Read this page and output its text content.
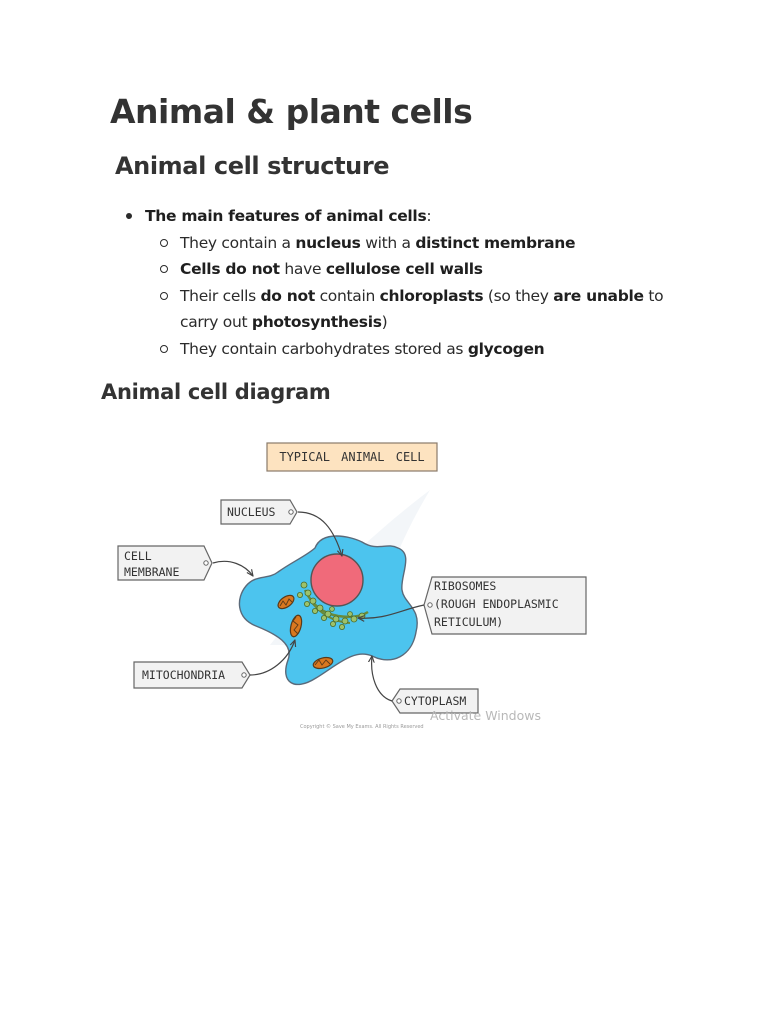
Animal & plant cells
Animal cell structure
The main features of animal cells:
They contain a nucleus with a distinct membrane
Cells do not have cellulose cell walls
Their cells do not contain chloroplasts (so they are unable to carry out photosynthesis)
They contain carbohydrates stored as glycogen
Animal cell diagram
TYPICAL ANIMAL CELL
NUCLEUS
CELL
MEMBRANE
RIBOSOMES
(ROUGH ENDOPLASMIC
RETICULUM)
MITOCHONDRIA
CYTOPLASM
Copyright © Save My Exams. All Rights Reserved
Activate Windows
